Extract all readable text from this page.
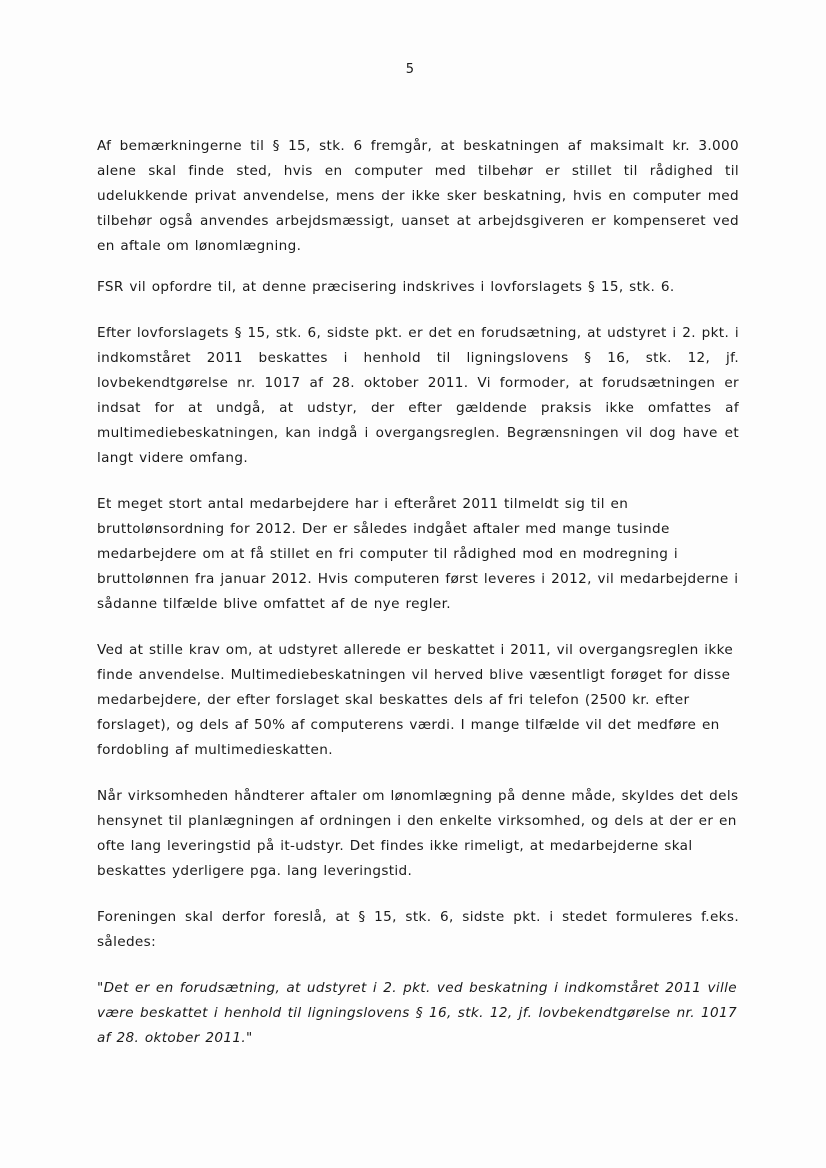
5

Af bemærkningerne til § 15, stk. 6 fremgår, at beskatningen af maksimalt kr. 3.000 alene skal finde sted, hvis en computer med tilbehør er stillet til rådighed til udelukkende privat anvendelse, mens der ikke sker beskatning, hvis en computer med tilbehør også anvendes arbejdsmæssigt, uanset at arbejdsgiveren er kompenseret ved en aftale om lønomlægning.

FSR vil opfordre til, at denne præcisering indskrives i lovforslagets § 15, stk. 6.

Efter lovforslagets § 15, stk. 6, sidste pkt. er det en forudsætning, at udstyret i 2. pkt. i indkomståret 2011 beskattes i henhold til ligningslovens § 16, stk. 12, jf. lovbekendtgørelse nr. 1017 af 28. oktober 2011. Vi formoder, at forudsætningen er indsat for at undgå, at udstyr, der efter gældende praksis ikke omfattes af multimediebeskatningen, kan indgå i overgangsreglen. Begrænsningen vil dog have et langt videre omfang.

Et meget stort antal medarbejdere har i efteråret 2011 tilmeldt sig til en bruttolønsordning for 2012. Der er således indgået aftaler med mange tusinde medarbejdere om at få stillet en fri computer til rådighed mod en modregning i bruttolønnen fra januar 2012. Hvis computeren først leveres i 2012, vil medarbejderne i sådanne tilfælde blive omfattet af de nye regler.

Ved at stille krav om, at udstyret allerede er beskattet i 2011, vil overgangsreglen ikke finde anvendelse. Multimediebeskatningen vil herved blive væsentligt forøget for disse medarbejdere, der efter forslaget skal beskattes dels af fri telefon (2500 kr. efter forslaget), og dels af 50% af computerens værdi. I mange tilfælde vil det medføre en fordobling af multimedieskatten.

Når virksomheden håndterer aftaler om lønomlægning på denne måde, skyldes det dels hensynet til planlægningen af ordningen i den enkelte virksomhed, og dels at der er en ofte lang leveringstid på it-udstyr. Det findes ikke rimeligt, at medarbejderne skal beskattes yderligere pga. lang leveringstid.

Foreningen skal derfor foreslå, at § 15, stk. 6, sidste pkt. i stedet formuleres f.eks. således:

"Det er en forudsætning, at udstyret i 2. pkt. ved beskatning i indkomståret 2011 ville være beskattet i henhold til ligningslovens § 16, stk. 12, jf. lovbekendtgørelse nr. 1017 af 28. oktober 2011."
